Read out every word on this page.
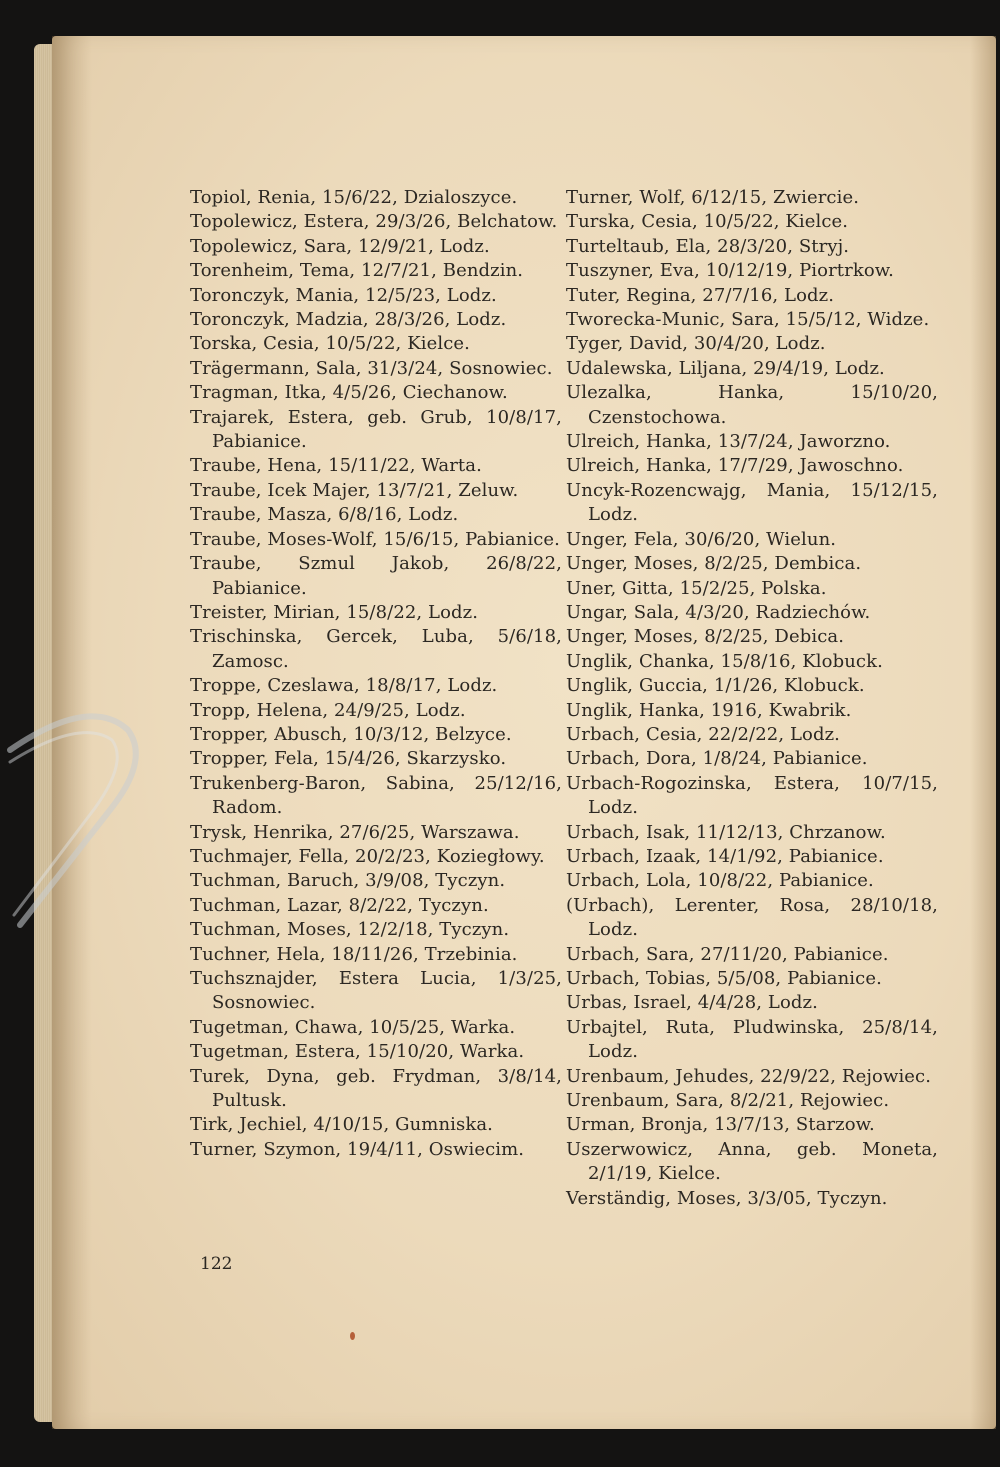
Topiol, Renia, 15/6/22, Dzialoszyce.
Topolewicz, Estera, 29/3/26, Belchatow.
Topolewicz, Sara, 12/9/21, Lodz.
Torenheim, Tema, 12/7/21, Bendzin.
Toronczyk, Mania, 12/5/23, Lodz.
Toronczyk, Madzia, 28/3/26, Lodz.
Torska, Cesia, 10/5/22, Kielce.
Trägermann, Sala, 31/3/24, Sosnowiec.
Tragman, Itka, 4/5/26, Ciechanow.
Trajarek, Estera, geb. Grub, 10/8/17, Pabianice.
Traube, Hena, 15/11/22, Warta.
Traube, Icek Majer, 13/7/21, Zeluw.
Traube, Masza, 6/8/16, Lodz.
Traube, Moses-Wolf, 15/6/15, Pabianice.
Traube, Szmul Jakob, 26/8/22, Pabianice.
Treister, Mirian, 15/8/22, Lodz.
Trischinska, Gercek, Luba, 5/6/18, Zamosc.
Troppe, Czeslawa, 18/8/17, Lodz.
Tropp, Helena, 24/9/25, Lodz.
Tropper, Abusch, 10/3/12, Belzyce.
Tropper, Fela, 15/4/26, Skarzysko.
Trukenberg-Baron, Sabina, 25/12/16, Radom.
Trysk, Henrika, 27/6/25, Warszawa.
Tuchmajer, Fella, 20/2/23, Koziegłowy.
Tuchman, Baruch, 3/9/08, Tyczyn.
Tuchman, Lazar, 8/2/22, Tyczyn.
Tuchman, Moses, 12/2/18, Tyczyn.
Tuchner, Hela, 18/11/26, Trzebinia.
Tuchsznajder, Estera Lucia, 1/3/25, Sosnowiec.
Tugetman, Chawa, 10/5/25, Warka.
Tugetman, Estera, 15/10/20, Warka.
Turek, Dyna, geb. Frydman, 3/8/14, Pultusk.
Tirk, Jechiel, 4/10/15, Gumniska.
Turner, Szymon, 19/4/11, Oswiecim.
Turner, Wolf, 6/12/15, Zwiercie.
Turska, Cesia, 10/5/22, Kielce.
Turteltaub, Ela, 28/3/20, Stryj.
Tuszyner, Eva, 10/12/19, Piortrkow.
Tuter, Regina, 27/7/16, Lodz.
Tworecka-Munic, Sara, 15/5/12, Widze.
Tyger, David, 30/4/20, Lodz.
Udalewska, Liljana, 29/4/19, Lodz.
Ulezalka, Hanka, 15/10/20, Czenstochowa.
Ulreich, Hanka, 13/7/24, Jaworzno.
Ulreich, Hanka, 17/7/29, Jawoschno.
Uncyk-Rozencwajg, Mania, 15/12/15, Lodz.
Unger, Fela, 30/6/20, Wielun.
Unger, Moses, 8/2/25, Dembica.
Uner, Gitta, 15/2/25, Polska.
Ungar, Sala, 4/3/20, Radziechów.
Unger, Moses, 8/2/25, Debica.
Unglik, Chanka, 15/8/16, Klobuck.
Unglik, Guccia, 1/1/26, Klobuck.
Unglik, Hanka, 1916, Kwabrik.
Urbach, Cesia, 22/2/22, Lodz.
Urbach, Dora, 1/8/24, Pabianice.
Urbach-Rogozinska, Estera, 10/7/15, Lodz.
Urbach, Isak, 11/12/13, Chrzanow.
Urbach, Izaak, 14/1/92, Pabianice.
Urbach, Lola, 10/8/22, Pabianice.
(Urbach), Lerenter, Rosa, 28/10/18, Lodz.
Urbach, Sara, 27/11/20, Pabianice.
Urbach, Tobias, 5/5/08, Pabianice.
Urbas, Israel, 4/4/28, Lodz.
Urbajtel, Ruta, Pludwinska, 25/8/14, Lodz.
Urenbaum, Jehudes, 22/9/22, Rejowiec.
Urenbaum, Sara, 8/2/21, Rejowiec.
Urman, Bronja, 13/7/13, Starzow.
Uszerwowicz, Anna, geb. Moneta, 2/1/19, Kielce.
Verständig, Moses, 3/3/05, Tyczyn.
122
